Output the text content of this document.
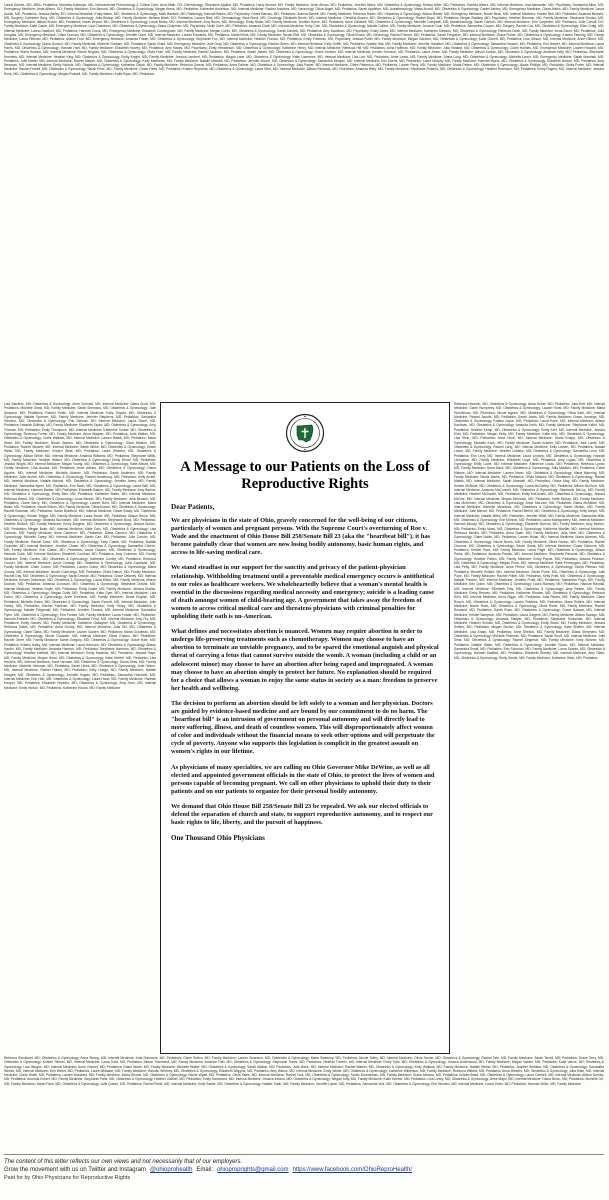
Laurel Admire, MD, MBA; Pediatrics; Marcella Adewoye, MD; Interventional Pulmonology & Critical Care; Azra Aftab, DO; Dermatology; Stephanie Aguilar, MD; Pediatrics; Harry Ahmad, MD; Family Medicine; Amin Ahsan, MD; Pediatrics; Jennifer Akers, MD; Obstetrics & Gynecology; Kelsey Alber, MD; Pediatrics; Patricia Albers, MD; Internal Medicine; Lisa Alexander, MD; Psychiatry; Samantha Allen, MD; Emergency Medicine; Anna Allison, DO; Family Medicine; Erin Almond, MD; Obstetrics & Gynecology; Megan Amos, MD; Pediatrics; Katherine Anderson, MD; Internal Medicine; Rachel Andrews, MD; Neurology; Olivia Angel, MD; Pediatrics; Sarah Appleton, MD; Anesthesiology; Maria Arnold, MD; Obstetrics & Gynecology; Daniel Ashley, MD; Emergency Medicine; Claire Atkins, MD; Family Medicine; Laura Austin, MD; Pediatrics; Jessica Bailey, DO; Internal Medicine; Emily Baker, MD; Obstetrics & Gynecology; Mark Baldwin, MD; Radiology; Hannah Banks, MD; Psychiatry; Grace Barnes, MD; Pediatrics; Joanna Barrett, MD; Family Medicine; Rebecca Bauer, MD; Obstetrics & Gynecology; Allison Baxter, MD; Emergency Medicine; Nicole Beck, MD; Internal Medicine; Kristen Bell, MD; Pediatrics; Amanda Bennett, MD; Surgery; Catherine Berg, MD; Obstetrics & Gynecology; Julia Bishop, MD; Family Medicine; Melissa Black, DO; Pediatrics; Lauren Blair, MD; Dermatology; Sara Bond, MD; Oncology; Elizabeth Booth, MD; Internal Medicine; Christina Bowen, MD; Obstetrics & Gynecology; Rachel Boyd, MD; Pediatrics; Megan Bradley, MD; Psychiatry; Heather Brennan, MD; Family Medicine; Stephanie Brooks, MD; Emergency Medicine; Allison Brown, MD; Pediatrics; Karen Bryant, MD; Obstetrics & Gynecology; Laura Burke, MD; Internal Medicine; Amy Burns, MD; Neurology; Emily Butler, MD; Family Medicine; Jennifer Byrne, MD; Pediatrics; Anne Caldwell, MD; Obstetrics & Gynecology; Michelle Campbell, MD; Anesthesiology; Sarah Carlson, MD; Internal Medicine; Erin Carpenter, MD; Pediatrics; Julie Carroll, DO; Family Medicine; Katie Carter, MD; Emergency Medicine; Lisa Chambers, MD; Obstetrics & Gynecology; Diana Chapman, MD; Psychiatry; Molly Chen, MD; Pediatrics; Amanda Clark, MD; Internal Medicine; Kelly Cole, MD; Obstetrics & Gynecology; Natalie Collins, MD; Family Medicine; Jessica Cook, MD; Pediatrics; Samantha Cooper, MD; Surgery; Rachel Cox, MD; Obstetrics & Gynecology; Ellen Craig, MD; Internal Medicine; Laura Crawford, MD; Pediatrics; Hannah Cross, MD; Emergency Medicine; Elizabeth Cunningham, MD; Family Medicine; Megan Curtis, MD; Obstetrics & Gynecology; Sarah Daniels, MD; Pediatrics; Amy Davidson, MD; Psychiatry; Emily Davis, MD; Internal Medicine; Katherine Dawson, MD; Obstetrics & Gynecology; Rebecca Dean, MD; Family Medicine; Anna Dixon, MD; Pediatrics; Julia Douglas, MD; Emergency Medicine; Claire Duncan, MD; Obstetrics & Gynecology; Jennifer Dunn, MD; Internal Medicine; Lauren Edwards, MD; Pediatrics; Maria Elliott, MD; Family Medicine; Nicole Ellis, MD; Obstetrics & Gynecology; Olivia Evans, MD; Neurology; Rachel Farmer, MD; Pediatrics; Sarah Ferguson, MD; Internal Medicine; Grace Fisher, MD; Obstetrics & Gynecology; Kristen Fleming, MD; Family Medicine; Laura Fletcher, MD; Pediatrics; Allison Ford, MD; Emergency Medicine; Amanda Foster, MD; Obstetrics & Gynecology; Stephanie Fox, MD; Internal Medicine; Heather Francis, MD; Pediatrics; Emily Freeman, MD; Psychiatry; Jessica Fuller, MD; Family Medicine; Megan Gardner, MD; Obstetrics & Gynecology; Katie Garrett, MD; Pediatrics; Lisa Gibson, MD; Internal Medicine; Anne Gilbert, MD; Obstetrics & Gynecology; Diana Gordon, MD; Family Medicine; Michelle Graham, MD; Pediatrics; Sarah Grant, MD; Emergency Medicine; Julie Gray, MD; Obstetrics & Gynecology; Rachel Green, MD; Internal Medicine; Kelly Griffin, MD; Pediatrics; Natalie Hall, MD; Family Medicine; Jennifer Hamilton, MD; Obstetrics & Gynecology; Samantha Hansen, MD; Pediatrics; Erin Harper, MD; Internal Medicine; Laura Harris, MD; Obstetrics & Gynecology; Hannah Hart, MD; Family Medicine; Elizabeth Harvey, MD; Pediatrics; Amy Hayes, MD; Psychiatry; Emily Henderson, MD; Obstetrics & Gynecology; Katherine Henry, MD; Internal Medicine; Rebecca Hill, MD; Pediatrics; Anna Hoffman, MD; Family Medicine; Julia Holland, MD; Obstetrics & Gynecology; Claire Holmes, MD; Emergency Medicine; Lauren Howard, MD; Pediatrics; Maria Hudson, MD; Internal Medicine; Nicole Hughes, MD; Obstetrics & Gynecology; Olivia Hunt, MD; Family Medicine; Rachel Jackson, MD; Pediatrics; Sarah James, MD; Obstetrics & Gynecology; Grace Jenkins, MD; Internal Medicine; Kristen Johnson, MD; Pediatrics; Laura Jones, MD; Family Medicine; Allison Jordan, MD; Obstetrics & Gynecology; Amanda Kelly, MD; Pediatrics; Stephanie Kennedy, MD; Internal Medicine; Heather King, MD; Obstetrics & Gynecology; Emily Knight, MD; Family Medicine; Jessica Lambert, MD; Pediatrics; Megan Lane, MD; Obstetrics & Gynecology; Katie Lawrence, MD; Internal Medicine; Lisa Lee, MD; Pediatrics; Anne Lewis, MD; Family Medicine; Diana Long, MD; Obstetrics & Gynecology; Michelle Lynch, MD; Emergency Medicine; Sarah Marshall, MD; Pediatrics; Julie Martin, MD; Internal Medicine; Rachel Mason, MD; Obstetrics & Gynecology; Kelly Matthews, MD; Family Medicine; Natalie Mitchell, MD; Pediatrics; Jennifer Moore, MD; Obstetrics & Gynecology; Samantha Morgan, MD; Internal Medicine; Erin Morris, MD; Pediatrics; Laura Murphy, MD; Family Medicine; Hannah Myers, MD; Obstetrics & Gynecology; Elizabeth Nelson, MD; Pediatrics; Amy Newman, MD; Internal Medicine; Emily Nichols, MD; Obstetrics & Gynecology; Katherine Olson, MD; Family Medicine; Rebecca Owens, MD; Pediatrics; Anna Palmer, MD; Obstetrics & Gynecology; Julia Parker, MD; Internal Medicine; Claire Patterson, MD; Pediatrics; Lauren Perry, MD; Family Medicine; Maria Peters, MD; Obstetrics & Gynecology; Nicole Phillips, MD; Pediatrics; Olivia Porter, MD; Internal Medicine; Rachel Powell, MD; Obstetrics & Gynecology; Sarah Price, MD; Family Medicine; Grace Reed, MD; Pediatrics; Kristen Reynolds, MD; Obstetrics & Gynecology; Laura Rice, MD; Internal Medicine; Allison Richards, MD; Pediatrics; Amanda Riley, MD; Family Medicine; Stephanie Roberts, MD; Obstetrics & Gynecology; Heather Robinson, MD; Pediatrics; Emily Rogers, MD; Internal Medicine; Jessica Ross, MD; Obstetrics & Gynecology; Megan Russell, MD; Family Medicine; Katie Ryan, MD; Pediatrics
Lisa Sanders, MD; Obstetrics & Gynecology; Anne Schmidt, MD; Internal Medicine; Diana Scott, MD; Pediatrics; Michelle Shaw, MD; Family Medicine; Sarah Simmons, MD; Obstetrics & Gynecology; Julie Simpson, MD; Pediatrics; Rachel Smith, MD; Internal Medicine; Kelly Snyder, MD; Obstetrics & Gynecology; Natalie Spencer, MD; Family Medicine; Jennifer Stephens, MD; Pediatrics; Samantha Stevens, MD; Obstetrics & Gynecology; Erin Stewart, MD; Internal Medicine; Laura Stone, MD; Pediatrics; Hannah Sullivan, MD; Family Medicine; Elizabeth Taylor, MD; Obstetrics & Gynecology; Amy Thomas, MD; Pediatrics; Emily Thompson, MD; Internal Medicine; Katherine Tucker, MD; Obstetrics & Gynecology; Rebecca Turner, MD; Family Medicine; Anna Wagner, MD; Pediatrics; Julia Walker, MD; Obstetrics & Gynecology; Claire Wallace, MD; Internal Medicine; Lauren Walsh, MD; Pediatrics; Maria Ward, MD; Family Medicine; Nicole Warren, MD; Obstetrics & Gynecology; Olivia Watson, MD; Pediatrics; Rachel Weaver, MD; Internal Medicine; Sarah Webb, MD; Obstetrics & Gynecology; Grace Wells, MD; Family Medicine; Kristen West, MD; Pediatrics; Laura Wheeler, MD; Obstetrics & Gynecology; Allison White, MD; Internal Medicine; Amanda Williams, MD; Pediatrics; Stephanie Willis, MD; Family Medicine; Heather Wilson, MD; Obstetrics & Gynecology; Emily Wood, MD; Pediatrics; Jessica Wright, MD; Internal Medicine; Megan Young, MD; Obstetrics & Gynecology; Katie Abbott, MD; Family Medicine; Lisa Acosta, MD; Pediatrics; Anne Adkins, MD; Obstetrics & Gynecology; Diana Aguirre, MD; Internal Medicine; Michelle Alvarez, MD; Pediatrics; Sarah Andersen, MD; Family Medicine; Julie Archer, MD; Obstetrics & Gynecology; Rachel Armstrong, MD; Pediatrics; Kelly Arnett, MD; Internal Medicine; Natalie Atwood, MD; Obstetrics & Gynecology; Jennifer Avery, MD; Family Medicine; Samantha Ayers, MD; Pediatrics; Erin Bach, MD; Obstetrics & Gynecology; Laura Ball, MD; Internal Medicine; Hannah Barber, MD; Pediatrics; Elizabeth Barker, MD; Family Medicine; Amy Barlow, MD; Obstetrics & Gynecology; Emily Barr, MD; Pediatrics; Katherine Bates, MD; Internal Medicine; Rebecca Beard, MD; Obstetrics & Gynecology; Anna Becker, MD; Family Medicine; Julia Benson, MD; Pediatrics; Claire Berry, MD; Obstetrics & Gynecology; Lauren Best, MD; Internal Medicine; Maria Blake, MD; Pediatrics; Nicole Bolton, MD; Family Medicine; Olivia Boone, MD; Obstetrics & Gynecology; Rachel Bowman, MD; Pediatrics; Sarah Bradford, MD; Internal Medicine; Grace Brady, MD; Obstetrics & Gynecology; Kristen Briggs, MD; Family Medicine; Laura Brock, MD; Pediatrics; Allison Bruce, MD; Obstetrics & Gynecology; Amanda Buchanan, MD; Internal Medicine; Stephanie Buck, MD; Pediatrics; Heather Bullock, MD; Family Medicine; Emily Burgess, MD; Obstetrics & Gynecology; Jessica Burton, MD; Pediatrics; Megan Bush, MD; Internal Medicine; Katie Cain, MD; Obstetrics & Gynecology; Lisa Calhoun, MD; Family Medicine; Anne Cameron, MD; Pediatrics; Diana Cannon, MD; Obstetrics & Gynecology; Michelle Carey, MD; Internal Medicine; Sarah Carr, MD; Pediatrics; Julie Carson, MD; Family Medicine; Rachel Case, MD; Obstetrics & Gynecology; Kelly Castle, MD; Pediatrics; Natalie Chandler, MD; Internal Medicine; Jennifer Chase, MD; Obstetrics & Gynecology; Samantha Church, MD; Family Medicine; Erin Clarke, MD; Pediatrics; Laura Clayton, MD; Obstetrics & Gynecology; Hannah Cobb, MD; Internal Medicine; Elizabeth Cochran, MD; Pediatrics; Amy Coleman, MD; Family Medicine; Emily Combs, MD; Obstetrics & Gynecology; Katherine Conley, MD; Pediatrics; Rebecca Conner, MD; Internal Medicine; Anna Conway, MD; Obstetrics & Gynecology; Julia Copeland, MD; Family Medicine; Claire Cotton, MD; Pediatrics; Lauren Crane, MD; Obstetrics & Gynecology; Maria Crosby, MD; Internal Medicine; Nicole Cummings, MD; Pediatrics; Olivia Dalton, MD; Family Medicine; Rachel Day, MD; Obstetrics & Gynecology; Sarah Decker, MD; Pediatrics; Grace Delaney, MD; Internal Medicine; Kristen Dickerson, MD; Obstetrics & Gynecology; Laura Dillon, MD; Family Medicine; Allison Dodson, MD; Pediatrics; Amanda Donovan, MD; Obstetrics & Gynecology; Stephanie Downs, MD; Internal Medicine; Heather Doyle, MD; Pediatrics; Emily Drake, MD; Family Medicine; Jessica Dudley, MD; Obstetrics & Gynecology; Megan Duffy, MD; Pediatrics; Katie Dyer, MD; Internal Medicine; Lisa Eaton, MD; Obstetrics & Gynecology; Anne Emerson, MD; Family Medicine; Diana English, MD; Pediatrics; Michelle Estes, MD; Obstetrics & Gynecology; Sarah Everett, MD; Internal Medicine; Julie Farley, MD; Pediatrics; Rachel Faulkner, MD; Family Medicine; Kelly Finley, MD; Obstetrics & Gynecology; Natalie Fitzgerald, MD; Pediatrics; Jennifer Flowers, MD; Internal Medicine; Samantha Flynn, MD; Obstetrics & Gynecology; Erin Forbes, MD; Family Medicine; Laura Fowler, MD; Pediatrics; Hannah Franklin, MD; Obstetrics & Gynecology; Elizabeth Frost, MD; Internal Medicine; Amy Fry, MD; Pediatrics; Emily Gaines, MD; Family Medicine; Katherine Gallagher, MD; Obstetrics & Gynecology; Rebecca Gates, MD; Pediatrics; Anna Gentry, MD; Internal Medicine; Julia Gill, MD; Obstetrics & Gynecology; Claire Glass, MD; Family Medicine; Lauren Golden, MD; Pediatrics; Maria Goodman, MD; Obstetrics & Gynecology; Nicole Goodwin, MD; Internal Medicine; Olivia Graves, MD; Pediatrics; Rachel Greer, MD; Family Medicine; Sarah Gregory, MD; Obstetrics & Gynecology; Grace Hale, MD; Pediatrics; Kristen Haley, MD; Internal Medicine; Laura Hancock, MD; Obstetrics & Gynecology; Allison Hardin, MD; Family Medicine; Amanda Harmon, MD; Pediatrics; Stephanie Hartman, MD; Obstetrics & Gynecology; Heather Hatfield, MD; Internal Medicine; Emily Hawkins, MD; Pediatrics; Jessica Hays, MD; Family Medicine; Megan Head, MD; Obstetrics & Gynecology; Katie Hebert, MD; Pediatrics; Lisa Hendrix, MD; Internal Medicine; Anne Herman, MD; Obstetrics & Gynecology; Diana Hess, MD; Family Medicine; Michelle Hickman, MD; Pediatrics; Sarah Hicks, MD; Obstetrics & Gynecology; Julie Hinton, MD; Internal Medicine; Rachel Hobbs, MD; Pediatrics; Kelly Hodge, MD; Family Medicine; Natalie Hodges, MD; Obstetrics & Gynecology; Jennifer Hogan, MD; Pediatrics; Samantha Holcomb, MD; Internal Medicine; Erin Holt, MD; Obstetrics & Gynecology; Laura Hood, MD; Family Medicine; Hannah Hooper, MD; Pediatrics; Elizabeth Hopkins, MD; Obstetrics & Gynecology; Amy Horn, MD; Internal Medicine; Emily Horton, MD; Pediatrics; Katherine House, MD; Family Medicine
Rebecca Houston, MD; Obstetrics & Gynecology; Anna Huber, MD; Pediatrics; Julia Huff, MD; Internal Medicine; Claire Humphrey, MD; Obstetrics & Gynecology; Lauren Hurst, MD; Family Medicine; Maria Hutchinson, MD; Pediatrics; Nicole Ingram, MD; Obstetrics & Gynecology; Olivia Irwin, MD; Internal Medicine; Rachel Jacobs, MD; Pediatrics; Sarah Jarvis, MD; Family Medicine; Grace Jennings, MD; Obstetrics & Gynecology; Kristen Joyce, MD; Pediatrics; Laura Kane, MD; Internal Medicine; Allison Kaufman, MD; Obstetrics & Gynecology; Amanda Keith, MD; Family Medicine; Stephanie Keller, MD; Pediatrics; Heather Kemp, MD; Obstetrics & Gynecology; Emily Kerr, MD; Internal Medicine; Jessica Kidd, MD; Pediatrics; Megan Kirby, MD; Family Medicine; Katie Kirk, MD; Obstetrics & Gynecology; Lisa Klein, MD; Pediatrics; Anne Kline, MD; Internal Medicine; Diana Knapp, MD; Obstetrics & Gynecology; Michelle Koch, MD; Family Medicine; Sarah Kramer, MD; Pediatrics; Julie Lamb, MD; Obstetrics & Gynecology; Rachel Lang, MD; Internal Medicine; Kelly Larsen, MD; Pediatrics; Natalie Leach, MD; Family Medicine; Jennifer Leblanc, MD; Obstetrics & Gynecology; Samantha Leon, MD; Pediatrics; Erin Levy, MD; Internal Medicine; Laura Lindsey, MD; Obstetrics & Gynecology; Hannah Livingston, MD; Family Medicine; Elizabeth Lloyd, MD; Pediatrics; Amy Logan, MD; Obstetrics & Gynecology; Emily Lowe, MD; Internal Medicine; Katherine Lucas, MD; Pediatrics; Rebecca Lyons, MD; Family Medicine; Anna Mack, MD; Obstetrics & Gynecology; Julia Maddox, MD; Pediatrics; Claire Malone, MD; Internal Medicine; Lauren Mann, MD; Obstetrics & Gynecology; Maria Manning, MD; Family Medicine; Nicole Marks, MD; Pediatrics; Olivia Massey, MD; Obstetrics & Gynecology; Rachel Mathis, MD; Internal Medicine; Sarah Maxwell, MD; Pediatrics; Grace May, MD; Family Medicine; Kristen McBride, MD; Obstetrics & Gynecology; Laura McCarthy, MD; Pediatrics; Allison McClure, MD; Internal Medicine; Amanda McConnell, MD; Obstetrics & Gynecology; Stephanie McCoy, MD; Family Medicine; Heather McDaniel, MD; Pediatrics; Emily McDonald, MD; Obstetrics & Gynecology; Jessica McGee, MD; Internal Medicine; Megan McIntosh, MD; Pediatrics; Katie McKay, MD; Family Medicine; Lisa McKenzie, MD; Obstetrics & Gynecology; Anne McLean, MD; Pediatrics; Diana McMillan, MD; Internal Medicine; Michelle Meadows, MD; Obstetrics & Gynecology; Sarah Melton, MD; Family Medicine; Julie Mercer, MD; Pediatrics; Rachel Merrill, MD; Obstetrics & Gynecology; Kelly Meyer, MD; Internal Medicine; Natalie Miles, MD; Pediatrics; Jennifer Miller, MD; Family Medicine; Samantha Mills, MD; Obstetrics & Gynecology; Erin Monroe, MD; Pediatrics; Laura Montgomery, MD; Internal Medicine; Hannah Moody, MD; Obstetrics & Gynecology; Elizabeth Morrow, MD; Family Medicine; Amy Morton, MD; Pediatrics; Emily Moss, MD; Obstetrics & Gynecology; Katherine Mueller, MD; Internal Medicine; Rebecca Mullins, MD; Pediatrics; Anna Nash, MD; Family Medicine; Julia Neal, MD; Obstetrics & Gynecology; Claire Noble, MD; Pediatrics; Lauren Nolan, MD; Internal Medicine; Maria Norman, MD; Obstetrics & Gynecology; Nicole Norris, MD; Family Medicine; Olivia Norton, MD; Pediatrics; Rachel Oconnor, MD; Obstetrics & Gynecology; Sarah Oneal, MD; Internal Medicine; Grace Osborne, MD; Pediatrics; Kristen Pace, MD; Family Medicine; Laura Page, MD; Obstetrics & Gynecology; Allison Parks, MD; Pediatrics; Amanda Parrish, MD; Internal Medicine; Stephanie Parsons, MD; Obstetrics & Gynecology; Heather Patton, MD; Family Medicine; Emily Payne, MD; Pediatrics; Jessica Pearson, MD; Obstetrics & Gynecology; Megan Pena, MD; Internal Medicine; Katie Pennington, MD; Pediatrics; Lisa Petty, MD; Family Medicine; Anne Pierce, MD; Obstetrics & Gynecology; Diana Pittman, MD; Pediatrics; Michelle Pollard, MD; Internal Medicine; Sarah Poole, MD; Obstetrics & Gynecology; Julie Pope, MD; Family Medicine; Rachel Potter, MD; Pediatrics; Kelly Pratt, MD; Obstetrics & Gynecology; Natalie Preston, MD; Internal Medicine; Jennifer Pruitt, MD; Pediatrics; Samantha Pugh, MD; Family Medicine; Erin Quinn, MD; Obstetrics & Gynecology; Laura Ramsey, MD; Pediatrics; Hannah Randall, MD; Internal Medicine; Elizabeth Ray, MD; Obstetrics & Gynecology; Amy Reese, MD; Family Medicine; Emily Reeves, MD; Pediatrics; Katherine Rhodes, MD; Obstetrics & Gynecology; Rebecca Rich, MD; Internal Medicine; Anna Riggs, MD; Pediatrics; Julia Rivers, MD; Family Medicine; Claire Roach, MD; Obstetrics & Gynecology; Lauren Robbins, MD; Pediatrics; Maria Rollins, MD; Internal Medicine; Nicole Rose, MD; Obstetrics & Gynecology; Olivia Rowe, MD; Family Medicine; Rachel Rowland, MD; Pediatrics; Sarah Rush, MD; Obstetrics & Gynecology; Grace Salazar, MD; Internal Medicine; Kristen Sampson, MD; Pediatrics; Laura Sargent, MD; Family Medicine; Allison Savage, MD; Obstetrics & Gynecology; Amanda Sawyer, MD; Pediatrics; Stephanie Schneider, MD; Internal Medicine; Heather Schultz, MD; Obstetrics & Gynecology; Emily Sears, MD; Family Medicine; Jessica Sellers, MD; Pediatrics; Megan Sexton, MD; Obstetrics & Gynecology; Katie Shaffer, MD; Internal Medicine; Lisa Sharp, MD; Pediatrics; Anne Shelton, MD; Family Medicine; Diana Shepherd, MD; Obstetrics & Gynecology; Michelle Sherman, MD; Pediatrics; Sarah Short, MD; Internal Medicine; Julie Sims, MD; Obstetrics & Gynecology; Rachel Singleton, MD; Family Medicine; Kelly Skinner, MD; Pediatrics; Natalie Slater, MD; Obstetrics & Gynecology; Jennifer Sloan, MD; Internal Medicine; Samantha Small, MD; Pediatrics; Erin Solomon, MD; Family Medicine; Laura Sparks, MD; Obstetrics & Gynecology; Hannah Stafford, MD; Pediatrics; Elizabeth Stanley, MD; Internal Medicine; Amy Stark, MD; Obstetrics & Gynecology; Emily Steele, MD; Family Medicine; Katherine Stein, MD; Pediatrics
A Message to our Patients on the Loss of Reproductive Rights
Dear Patients,

We are physicians in the state of Ohio, gravely concerned for the well-being of our citizens, particularly of women and pregnant persons. With the Supreme Court's overturning of Roe v. Wade and the enactment of Ohio House Bill 258/Senate Bill 23 (aka the "heartbeat bill"), it has become painfully clear that women are now losing bodily autonomy, basic human rights, and access to life-saving medical care.

We stand steadfast in our support for the sanctity and privacy of the patient-physician relationship. Withholding treatment until a preventable medical emergency occurs is antithetical to our roles as healthcare workers. We wholeheartedly believe that a woman's mental health is essential in the discussions regarding medical necessity and emergency; suicide is a leading cause of death amongst women of child-bearing age. A government that takes away the freedom of women to access critical medical care and threatens physicians with criminal penalties for upholding their oath is un-American.

What defines and necessitates abortion is nuanced. Women may require abortion in order to undergo life-preserving treatments such as chemotherapy. Women may choose to have an abortion to terminate an unviable pregnancy, and to be spared the emotional anguish and physical threat of carrying a fetus that cannot survive outside the womb. A woman (including a child or an adolescent minor) may choose to have an abortion after being raped and impregnated. A woman may choose to have an abortion simply to protect her future. No explanation should be required for a choice that allows a woman to enjoy the same status in society as a man: freedom to preserve her health and wellbeing.

The decision to perform an abortion should be left solely to a woman and her physician. Doctors are guided by evidence-based medicine and are bound by our commitment to do no harm. The "heartbeat bill" is an intrusion of government on personal autonomy and will directly lead to more suffering, illness, and death of countless women. This will disproportionately affect women of color and individuals without the financial means to seek other options and will perpetuate the cycle of poverty. Anyone who supports this legislation is complicit in the greatest assault on women's rights in our lifetime.

As physicians of many specialties, we are calling on Ohio Governor Mike DeWine, as well as all elected and appointed government officials in the state of Ohio, to protect the lives of women and persons capable of becoming pregnant. We call on other physicians to uphold their duty to their patients and on our patients to organize for their personal bodily autonomy.

We demand that Ohio House Bill 258/Senate Bill 23 be repealed. We ask our elected officials to defend the separation of church and state, to support reproductive autonomy, and to respect our basic rights to life, liberty, and the pursuit of happiness.

One Thousand Ohio Physicians
Rebecca Strickland, MD; Obstetrics & Gynecology; Anna Strong, MD; Internal Medicine; Julia Summers, MD; Pediatrics; Claire Sutton, MD; Family Medicine; Lauren Swanson, MD; Obstetrics & Gynecology; Maria Sweeney, MD; Pediatrics; Nicole Talley, MD; Internal Medicine; Olivia Tanner, MD; Obstetrics & Gynecology; Rachel Tate, MD; Family Medicine; Sarah Terrell, MD; Pediatrics; Grace Terry, MD; Obstetrics & Gynecology; Kristen Tillman, MD; Internal Medicine; Laura Todd, MD; Pediatrics; Allison Townsend, MD; Family Medicine; Amanda Tran, MD; Obstetrics & Gynecology; Stephanie Travis, MD; Pediatrics; Heather Trevino, MD; Internal Medicine; Emily Tyler, MD; Obstetrics & Gynecology; Jessica Underwood, MD; Family Medicine; Megan Valdez, MD; Pediatrics; Katie Vance, MD; Obstetrics & Gynecology; Lisa Vaughn, MD; Internal Medicine; Anne Vincent, MD; Pediatrics; Diana Wade, MD; Family Medicine; Michelle Walter, MD; Obstetrics & Gynecology; Sarah Walton, MD; Pediatrics; Julie Ware, MD; Internal Medicine; Rachel Waters, MD; Obstetrics & Gynecology; Kelly Watkins, MD; Family Medicine; Natalie Weber, MD; Pediatrics; Jennifer Webster, MD; Obstetrics & Gynecology; Samantha Weeks, MD; Internal Medicine; Erin Welch, MD; Pediatrics; Laura Whitaker, MD; Family Medicine; Hannah Whitney, MD; Obstetrics & Gynecology; Elizabeth Wiggins, MD; Pediatrics; Amy Wilcox, MD; Internal Medicine; Emily Wilder, MD; Obstetrics & Gynecology; Katherine Wilkerson, MD; Family Medicine; Rebecca Wilkins, MD; Pediatrics; Anna Winters, MD; Obstetrics & Gynecology; Julia Wise, MD; Internal Medicine; Claire Wolfe, MD; Pediatrics; Lauren Woodard, MD; Family Medicine; Maria Woods, MD; Obstetrics & Gynecology; Nicole Wyatt, MD; Pediatrics; Olivia Yates, MD; Internal Medicine; Rachel York, MD; Obstetrics & Gynecology; Sarah Zimmerman, MD; Family Medicine; Grace Abrams, MD; Pediatrics; Kristen Baird, MD; Obstetrics & Gynecology; Laura Cantrell, MD; Internal Medicine; Allison Dorsey, MD; Pediatrics; Amanda Eckert, MD; Family Medicine; Stephanie Faris, MD; Obstetrics & Gynecology; Heather Gaither, MD; Pediatrics; Emily Hammond, MD; Internal Medicine; Jessica Ireland, MD; Obstetrics & Gynecology; Megan Jolly, MD; Family Medicine; Katie Keener, MD; Pediatrics; Lisa Lowry, MD; Obstetrics & Gynecology; Anne Mayo, MD; Internal Medicine; Diana Nixon, MD; Pediatrics; Michelle Orr, MD; Family Medicine; Sarah Pack, MD; Obstetrics & Gynecology; Julie Queen, MD; Pediatrics; Rachel Redd, MD; Internal Medicine; Kelly Sadler, MD; Obstetrics & Gynecology; Natalie Tobin, MD; Family Medicine; Jennifer Upton, MD; Pediatrics; Samantha Vick, MD; Obstetrics & Gynecology; Erin Wooten, MD; Internal Medicine; Laura Yoder, MD; Pediatrics; Hannah Zeller, MD; Family Medicine
The content of this letter reflects our own views and not necessarily that of our employers.
Grow the movement with us on Twitter and Instagram @ohioprohealth Email: ohioproprights@gmail.com https://www.facebook.com/OhioReproHealth/
Paid for by Ohio Physicians for Reproductive Rights
